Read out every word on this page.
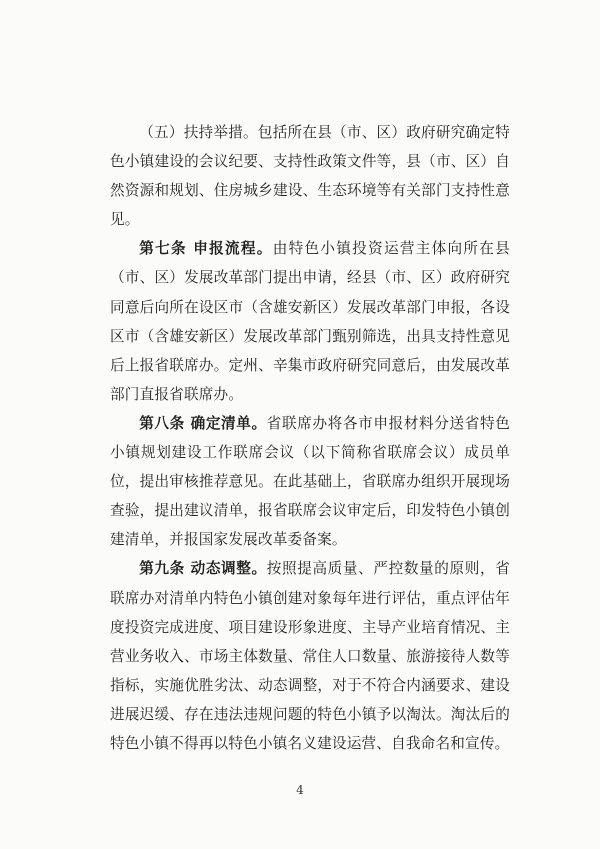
（五）扶持举措。包括所在县（市、区）政府研究确定特色小镇建设的会议纪要、支持性政策文件等，县（市、区）自然资源和规划、住房城乡建设、生态环境等有关部门支持性意见。

第七条 申报流程。由特色小镇投资运营主体向所在县（市、区）发展改革部门提出申请，经县（市、区）政府研究同意后向所在设区市（含雄安新区）发展改革部门申报，各设区市（含雄安新区）发展改革部门甄别筛选，出具支持性意见后上报省联席办。定州、辛集市政府研究同意后，由发展改革部门直报省联席办。

第八条 确定清单。省联席办将各市申报材料分送省特色小镇规划建设工作联席会议（以下简称省联席会议）成员单位，提出审核推荐意见。在此基础上，省联席办组织开展现场查验，提出建议清单，报省联席会议审定后，印发特色小镇创建清单，并报国家发展改革委备案。

第九条 动态调整。按照提高质量、严控数量的原则，省联席办对清单内特色小镇创建对象每年进行评估，重点评估年度投资完成进度、项目建设形象进度、主导产业培育情况、主营业务收入、市场主体数量、常住人口数量、旅游接待人数等指标，实施优胜劣汰、动态调整，对于不符合内涵要求、建设进展迟缓、存在违法违规问题的特色小镇予以淘汰。淘汰后的特色小镇不得再以特色小镇名义建设运营、自我命名和宣传。

4
